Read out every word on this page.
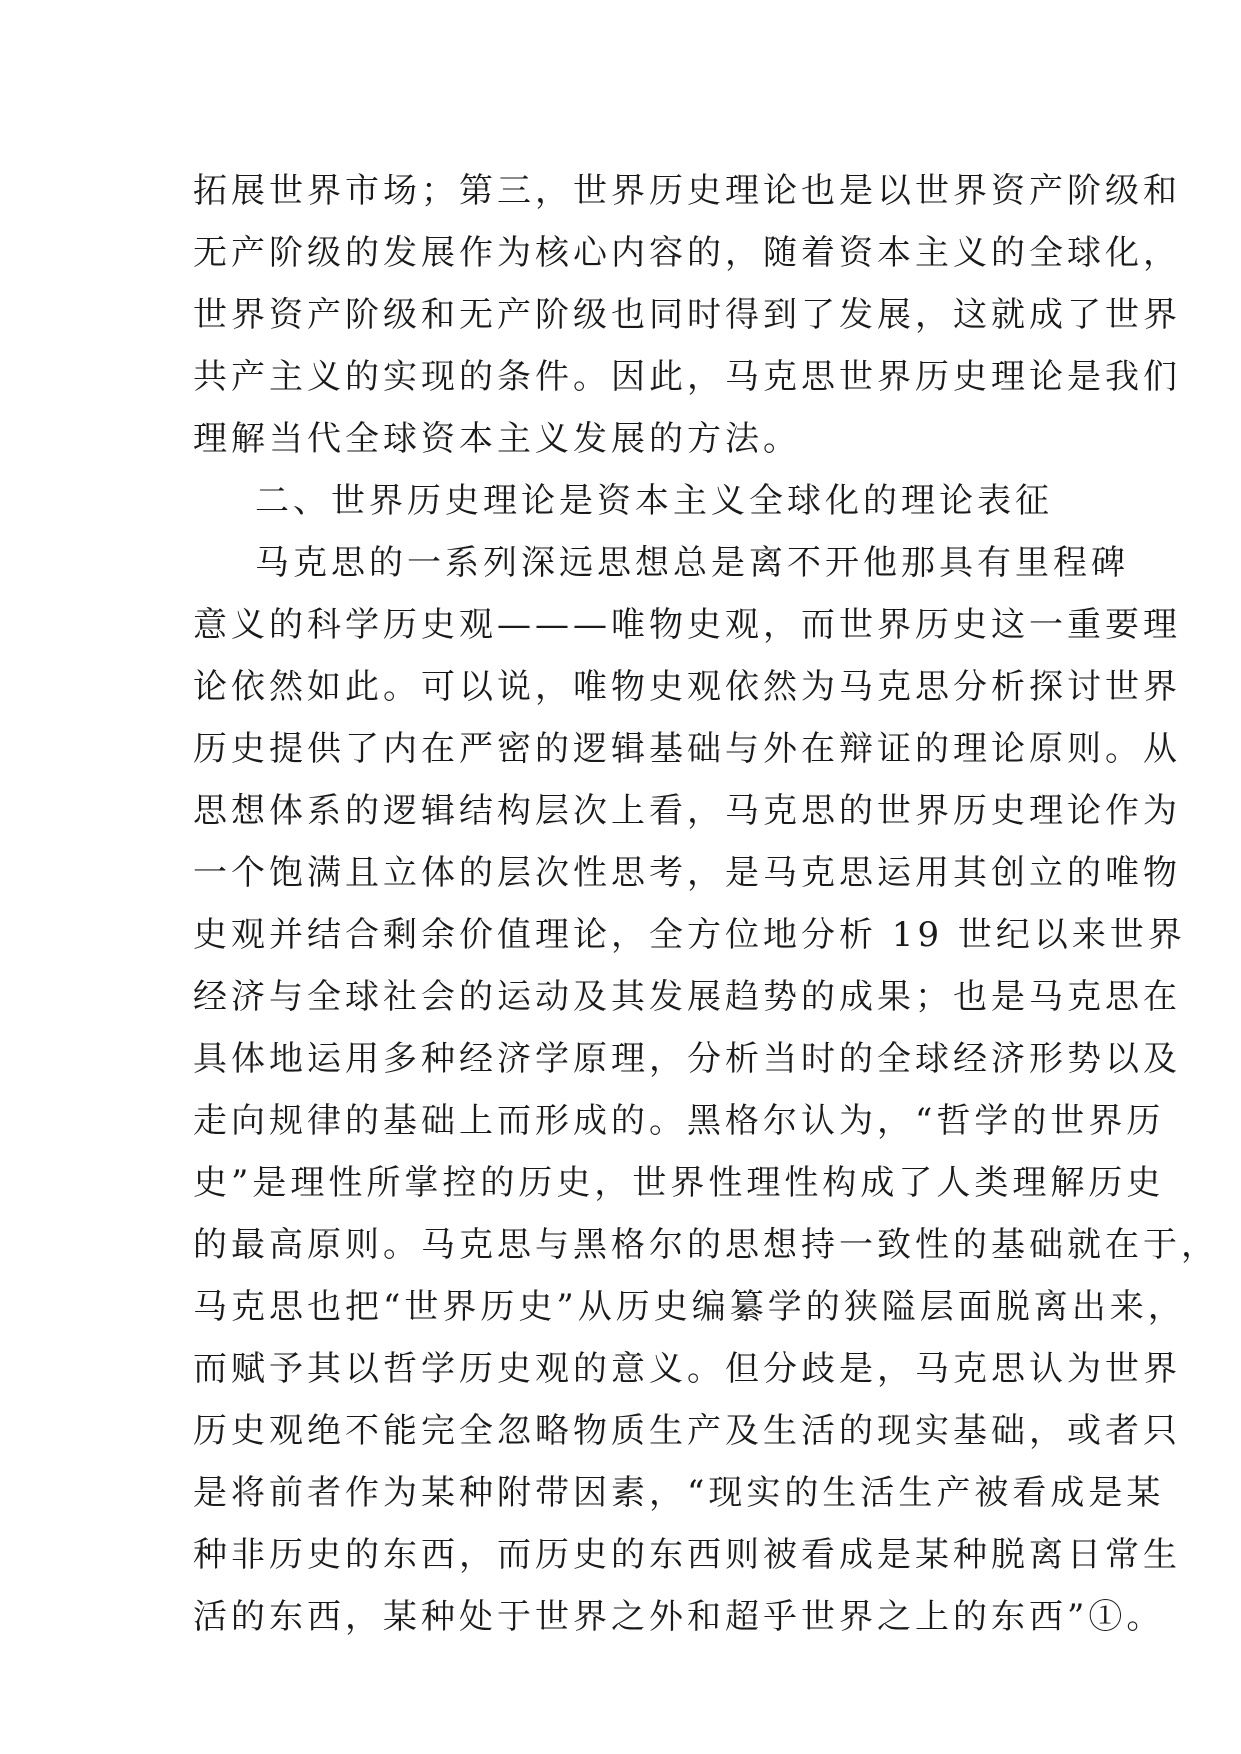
拓展世界市场；第三，世界历史理论也是以世界资产阶级和
无产阶级的发展作为核心内容的，随着资本主义的全球化，
世界资产阶级和无产阶级也同时得到了发展，这就成了世界
共产主义的实现的条件。因此，马克思世界历史理论是我们
理解当代全球资本主义发展的方法。
二、世界历史理论是资本主义全球化的理论表征
马克思的一系列深远思想总是离不开他那具有里程碑
意义的科学历史观———唯物史观，而世界历史这一重要理
论依然如此。可以说，唯物史观依然为马克思分析探讨世界
历史提供了内在严密的逻辑基础与外在辩证的理论原则。从
思想体系的逻辑结构层次上看，马克思的世界历史理论作为
一个饱满且立体的层次性思考，是马克思运用其创立的唯物
史观并结合剩余价值理论，全方位地分析 19 世纪以来世界
经济与全球社会的运动及其发展趋势的成果；也是马克思在
具体地运用多种经济学原理，分析当时的全球经济形势以及
走向规律的基础上而形成的。黑格尔认为，“哲学的世界历
史”是理性所掌控的历史，世界性理性构成了人类理解历史
的最高原则。马克思与黑格尔的思想持一致性的基础就在于，
马克思也把“世界历史”从历史编纂学的狭隘层面脱离出来，
而赋予其以哲学历史观的意义。但分歧是，马克思认为世界
历史观绝不能完全忽略物质生产及生活的现实基础，或者只
是将前者作为某种附带因素，“现实的生活生产被看成是某
种非历史的东西，而历史的东西则被看成是某种脱离日常生
活的东西，某种处于世界之外和超乎世界之上的东西”①。
